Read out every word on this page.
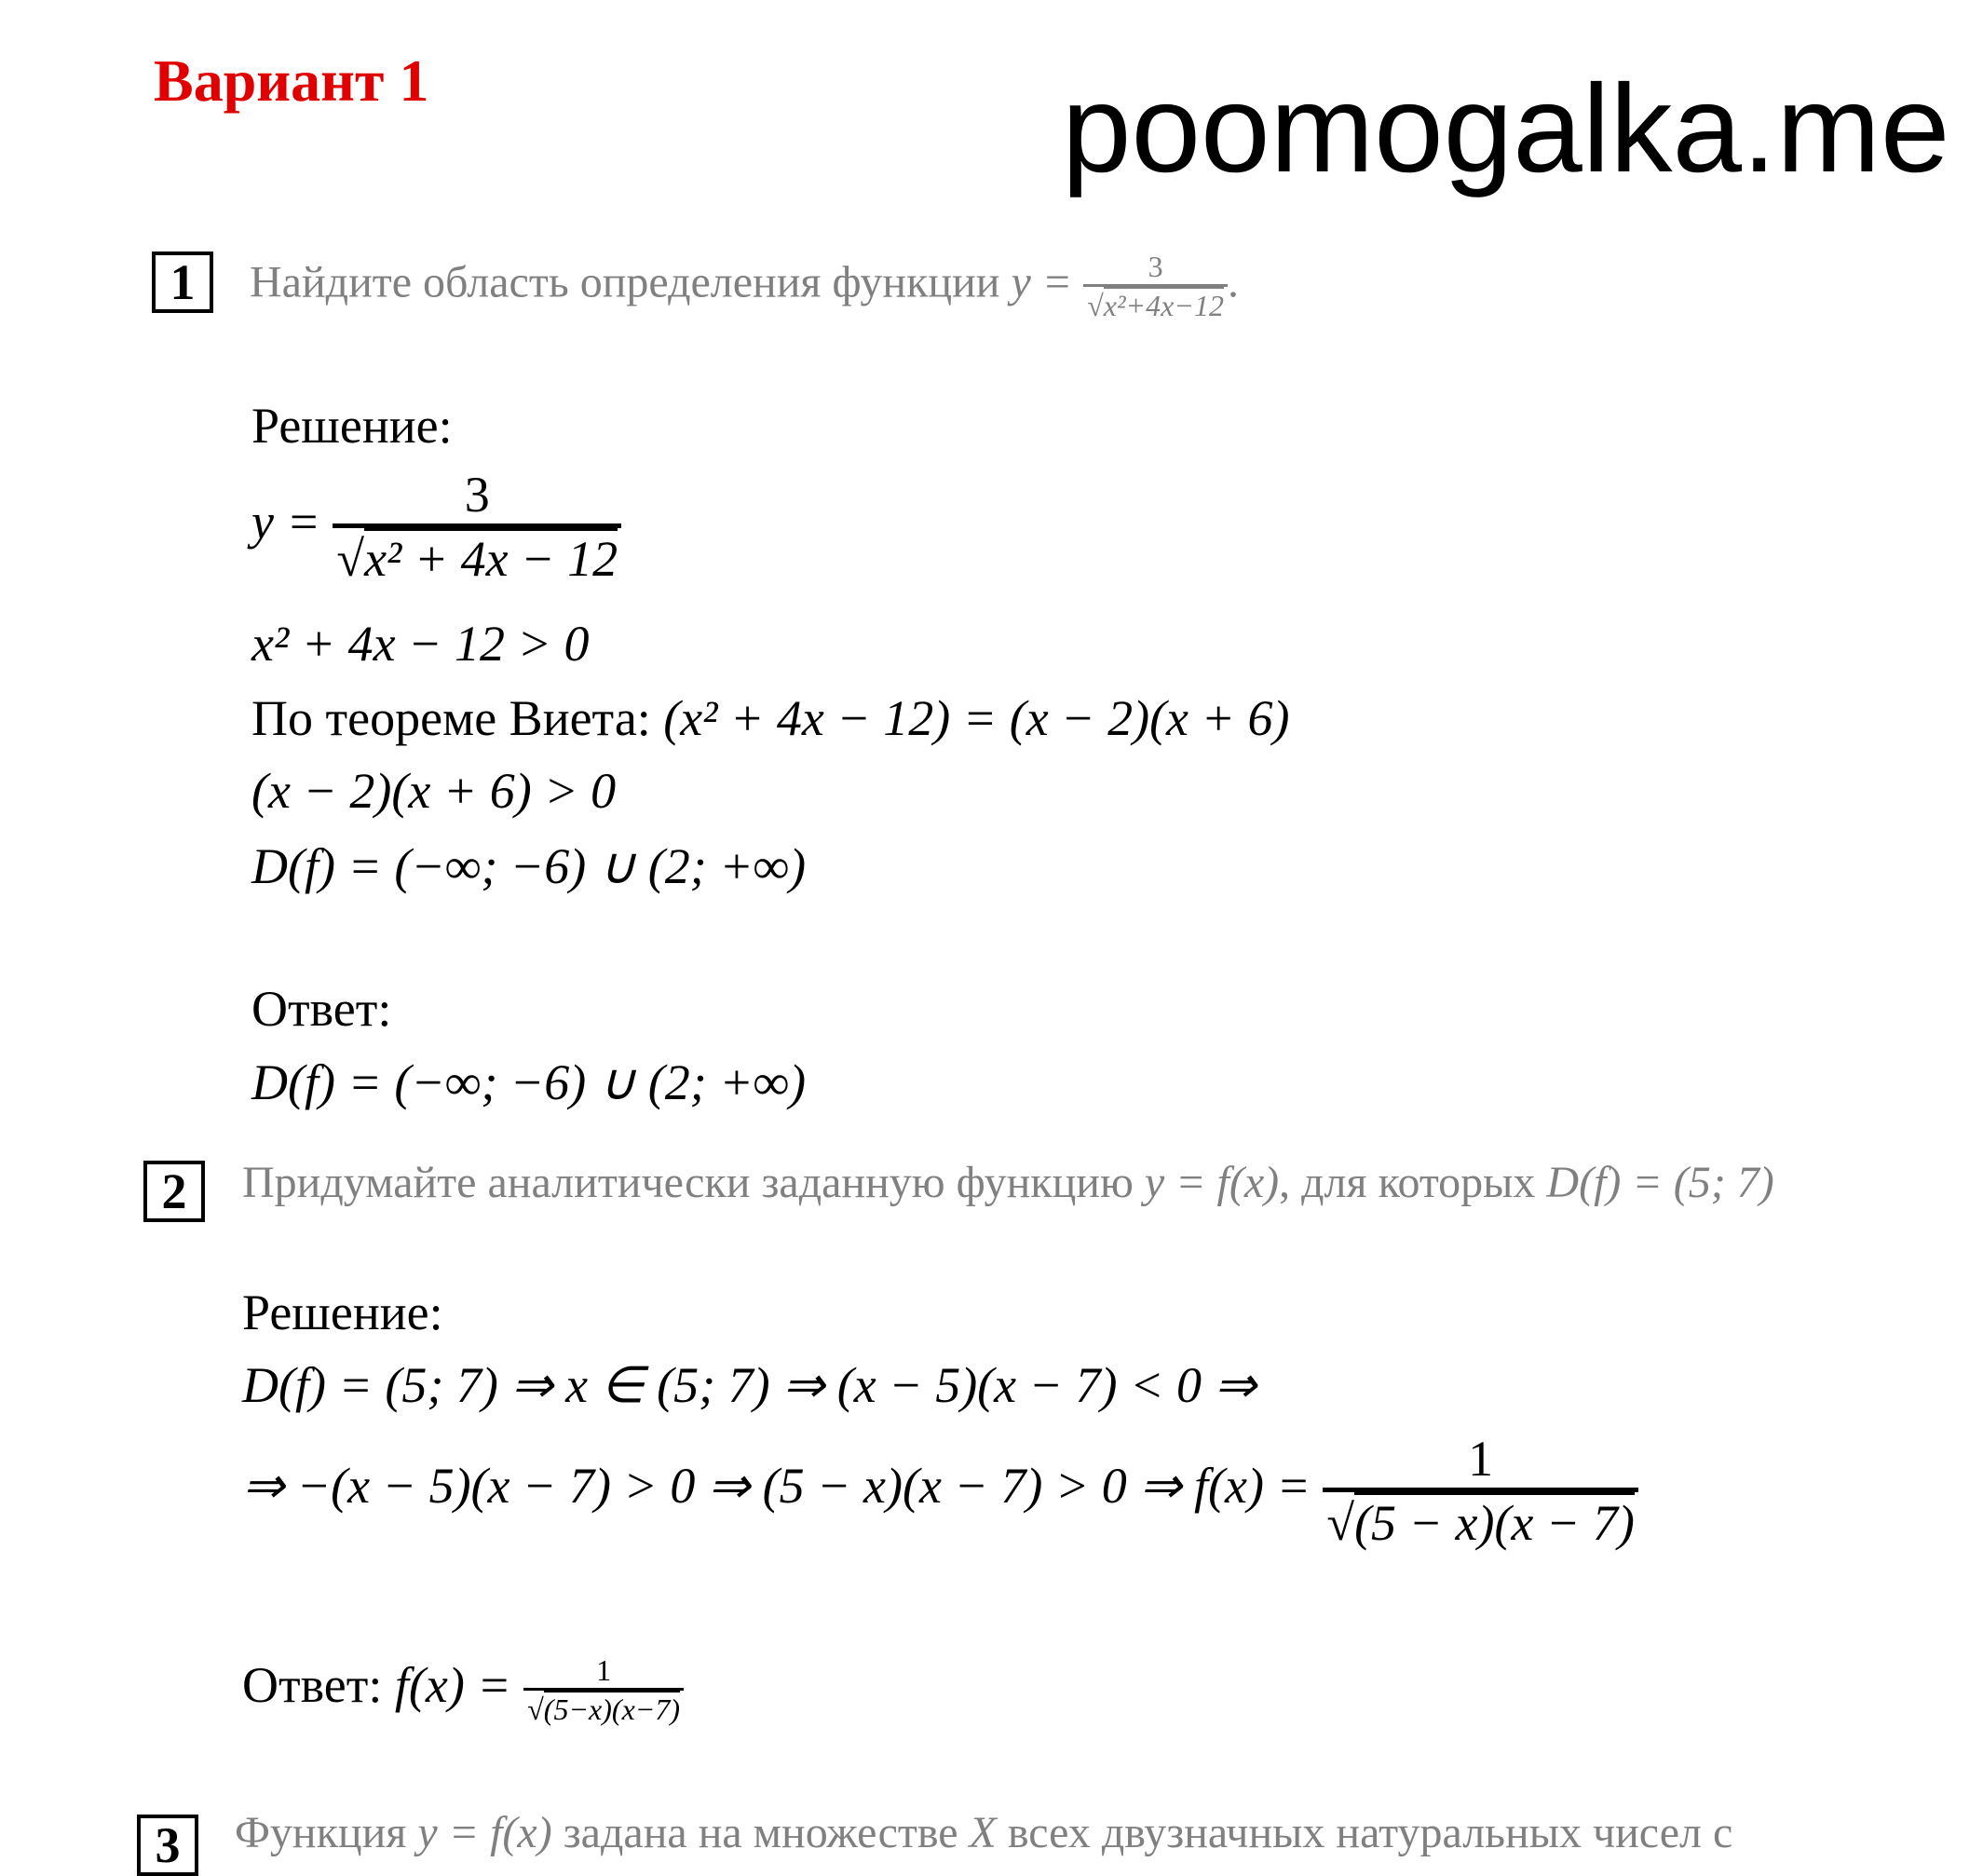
Вариант 1	poomogalka.me
1	Найдите область определения функции y = 3
√ x²+4x−12 .
Решение:
y = 3
√ x² + 4x − 12
x² + 4x − 12 > 0
По теореме Виета: (x² + 4x − 12) = (x − 2)(x + 6)
(x − 2)(x + 6) > 0
D(f) = (−∞; −6) ∪ (2; +∞)
Ответ:
D(f) = (−∞; −6) ∪ (2; +∞)
2	Придумайте аналитически заданную функцию y = f(x), для которых D(f) = (5; 7)
Решение:
D(f) = (5; 7) ⇒ x ∈ (5; 7) ⇒ (x − 5)(x − 7) < 0 ⇒
⇒ −(x − 5)(x − 7) > 0 ⇒ (5 − x)(x − 7) > 0 ⇒ f(x) = 1
√ (5 − x)(x − 7)
Ответ: f(x) = 1
√ (5−x)(x−7)
3	Функция y = f(x) задана на множестве X всех двузначных натуральных чисел с
